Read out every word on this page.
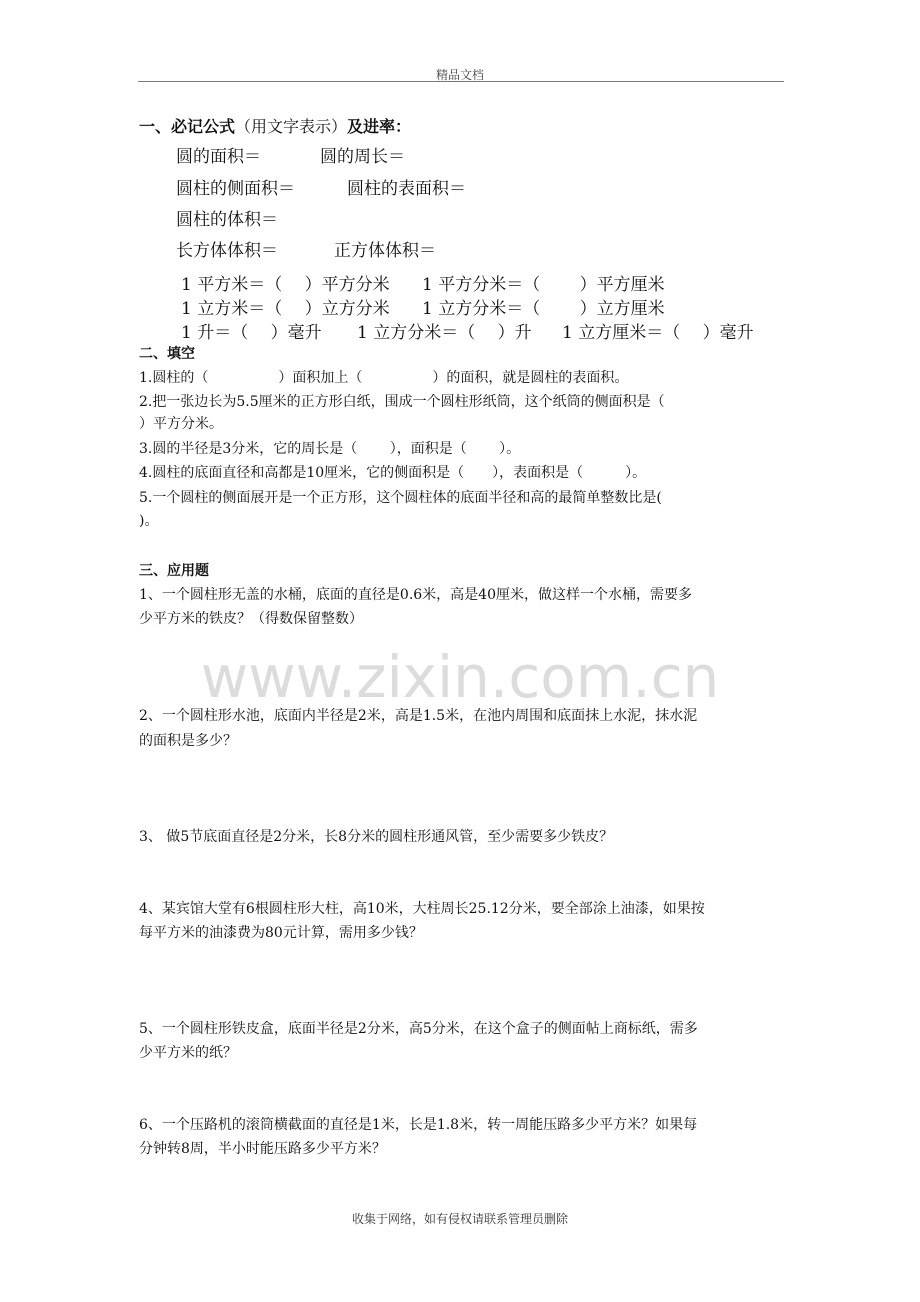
精品文档
www.zixin.com.cn
一、必记公式（用文字表示）及进率：
圆的面积＝	圆的周长＝
圆柱的侧面积＝	圆柱的表面积＝
圆柱的体积＝
长方体体积＝	正方体体积＝
1 平方米＝（　 ）平方分米 1 平方分米＝（　　 ）平方厘米
1 立方米＝（　 ）立方分米 1 立方分米＝（　　 ）立方厘米
1 升＝（　 ）毫升 1 立方分米＝（　 ）升 1 立方厘米＝（　 ）毫升
二、填空
1.圆柱的（　　　　　）面积加上（　　　　　）的面积，就是圆柱的表面积。
2.把一张边长为5.5厘米的正方形白纸，围成一个圆柱形纸筒，这个纸筒的侧面积是（
）平方分米。
3.圆的半径是3分米，它的周长是（　　 ），面积是（　　 ）。
4.圆柱的底面直径和高都是10厘米，它的侧面积是（　　），表面积是（　　　）。
5.一个圆柱的侧面展开是一个正方形，这个圆柱体的底面半径和高的最简单整数比是(
)。
三、应用题
1、一个圆柱形无盖的水桶，底面的直径是0.6米，高是40厘米，做这样一个水桶，需要多
少平方米的铁皮？（得数保留整数）
2、一个圆柱形水池，底面内半径是2米，高是1.5米，在池内周围和底面抹上水泥，抹水泥
的面积是多少？
3、 做5节底面直径是2分米，长8分米的圆柱形通风管，至少需要多少铁皮？
4、某宾馆大堂有6根圆柱形大柱，高10米，大柱周长25.12分米，要全部涂上油漆，如果按
每平方米的油漆费为80元计算，需用多少钱？
5、一个圆柱形铁皮盒，底面半径是2分米，高5分米，在这个盒子的侧面帖上商标纸，需多
少平方米的纸？
6、一个压路机的滚筒横截面的直径是1米，长是1.8米，转一周能压路多少平方米？如果每
分钟转8周，半小时能压路多少平方米？
收集于网络，如有侵权请联系管理员删除
